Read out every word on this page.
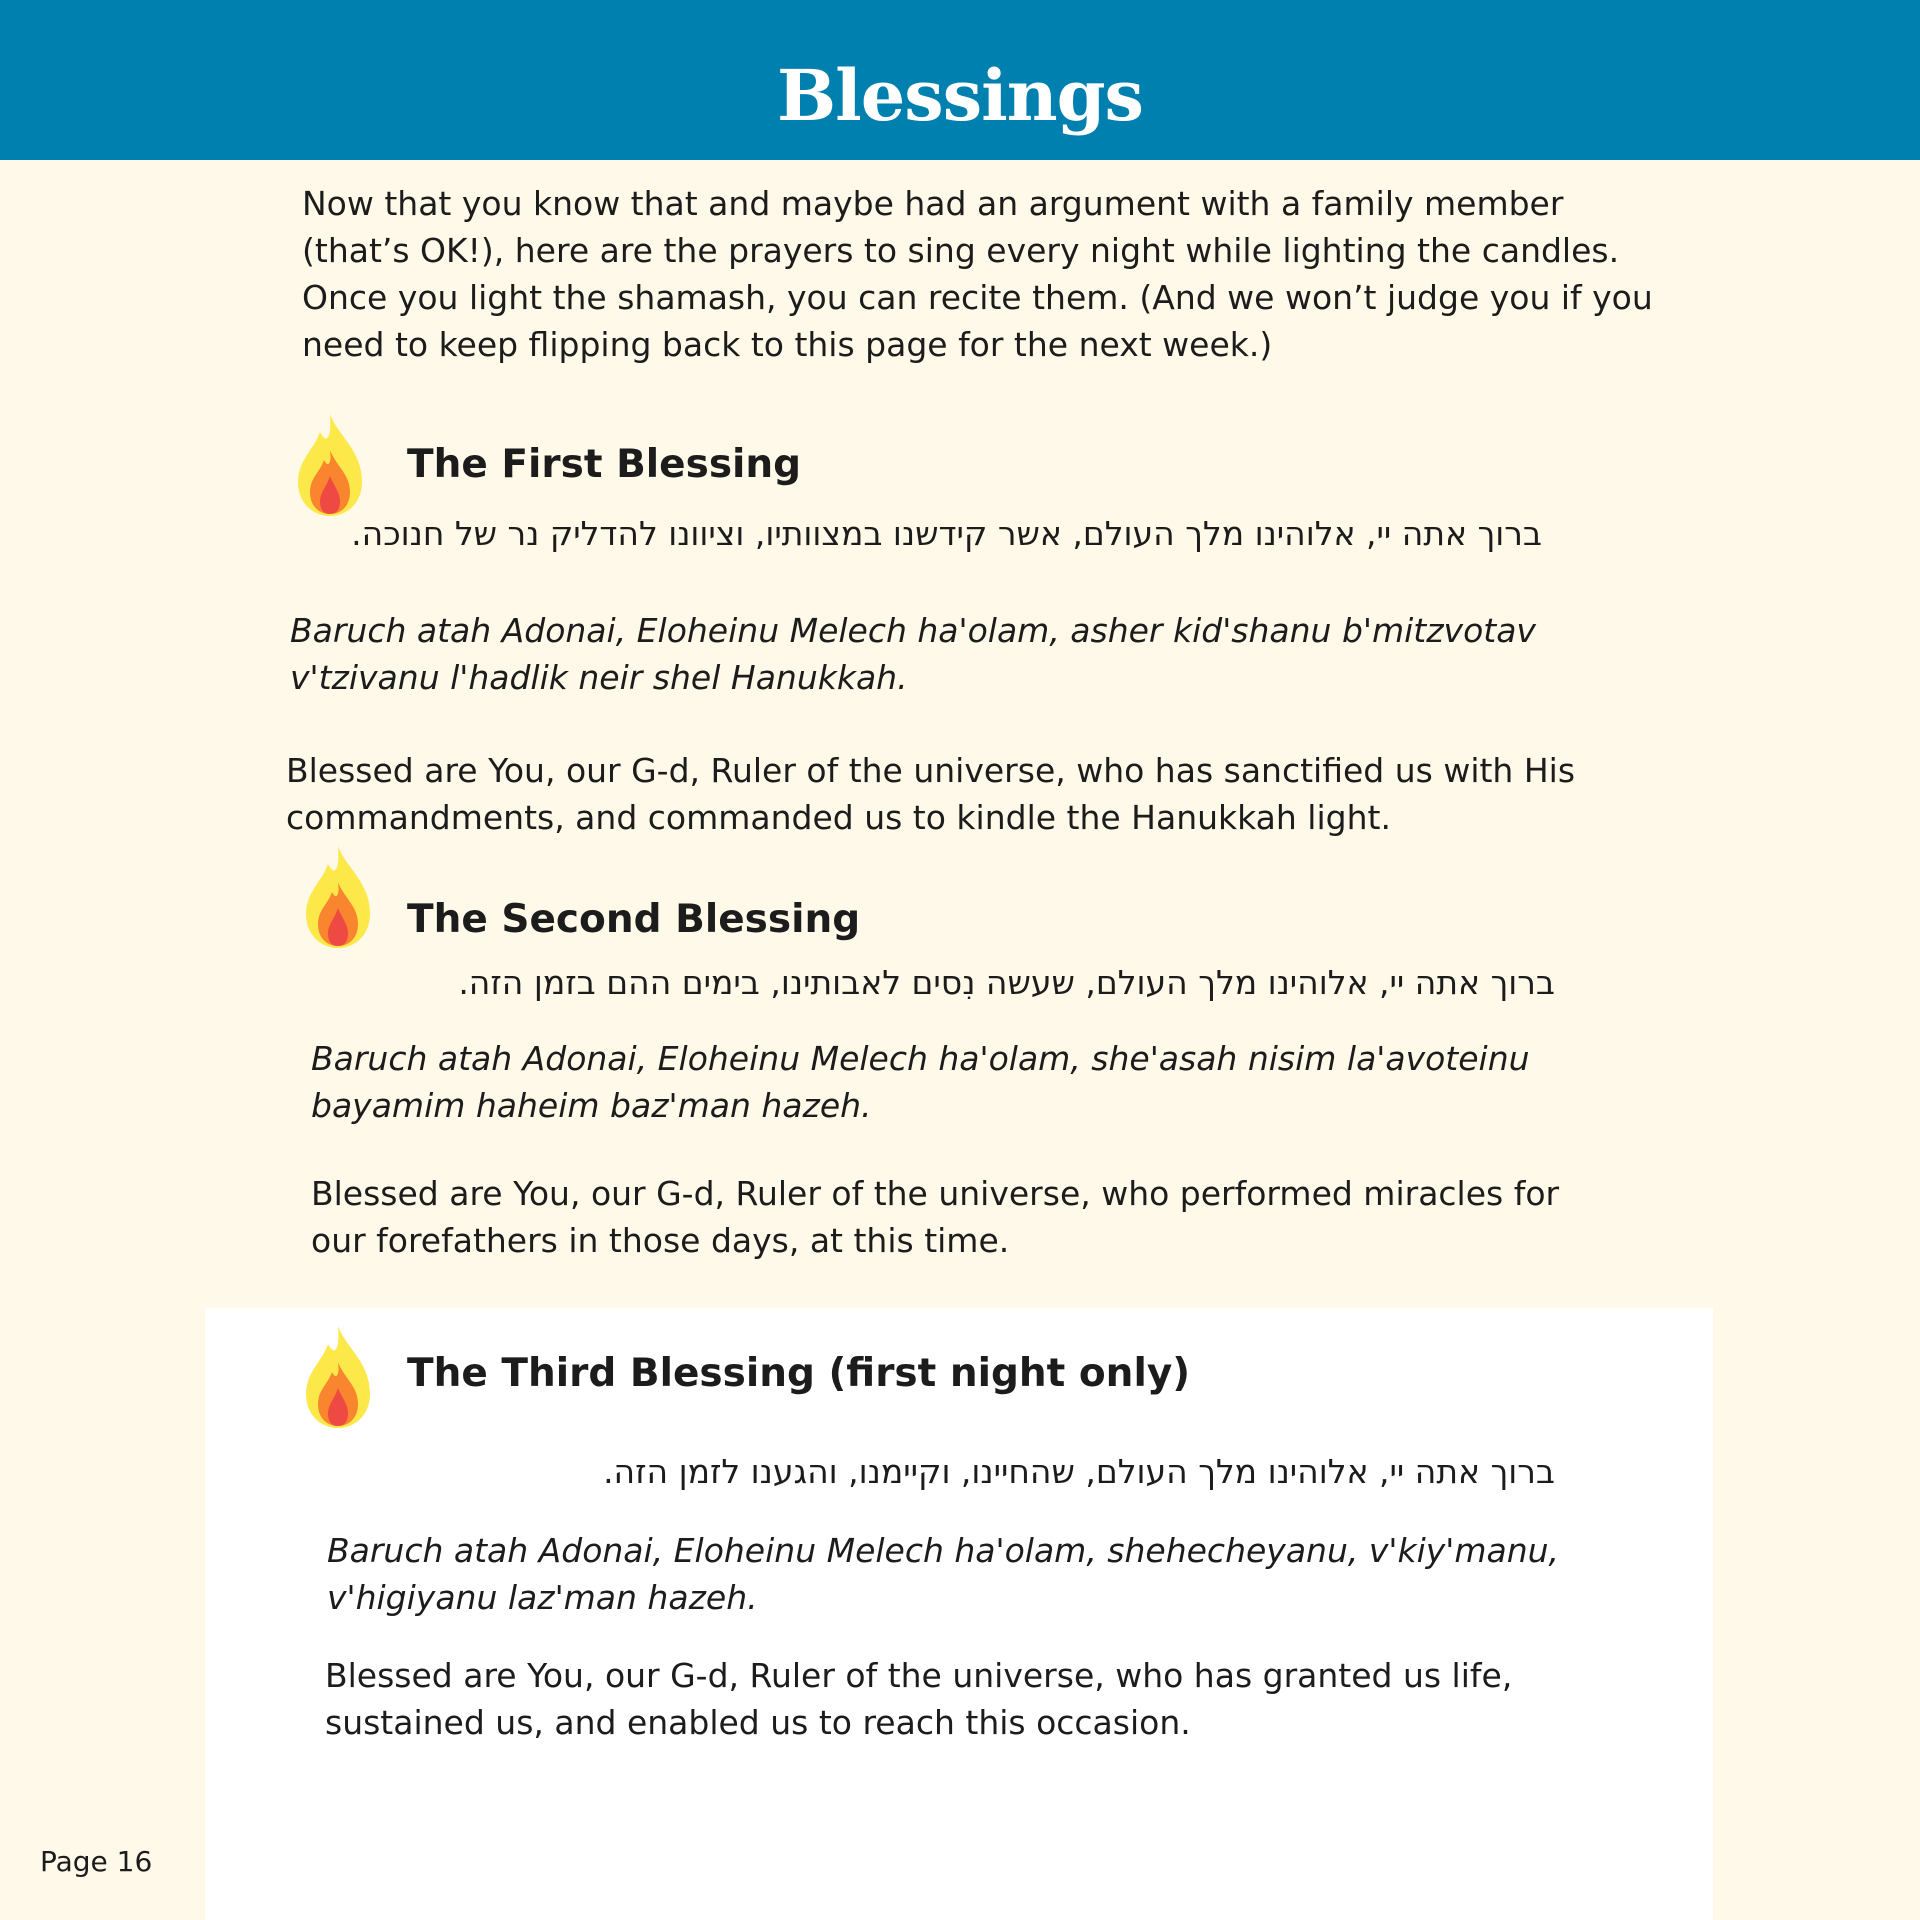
Blessings

Now that you know that and maybe had an argument with a family member (that’s OK!), here are the prayers to sing every night while lighting the candles. Once you light the shamash, you can recite them. (And we won’t judge you if you need to keep flipping back to this page for the next week.)

The First Blessing
ברוך אתה יי, אלוהינו מלך העולם, אשר קידשנו במצוותיו, וציוונו להדליק נר של חנוכה.

Baruch atah Adonai, Eloheinu Melech ha'olam, asher kid'shanu b'mitzvotav v'tzivanu l'hadlik neir shel Hanukkah.

Blessed are You, our G-d, Ruler of the universe, who has sanctified us with His commandments, and commanded us to kindle the Hanukkah light.

The Second Blessing
ברוך אתה יי, אלוהינו מלך העולם, שעשה נִסים לאבותינו, בימים ההם בזמן הזה.

Baruch atah Adonai, Eloheinu Melech ha'olam, she'asah nisim la'avoteinu bayamim haheim baz'man hazeh.

Blessed are You, our G-d, Ruler of the universe, who performed miracles for our forefathers in those days, at this time.

The Third Blessing (first night only)
ברוך אתה יי, אלוהינו מלך העולם, שהחיינו, וקיימנו, והגענו לזמן הזה.

Baruch atah Adonai, Eloheinu Melech ha'olam, shehecheyanu, v'kiy'manu, v'higiyanu laz'man hazeh.

Blessed are You, our G-d, Ruler of the universe, who has granted us life, sustained us, and enabled us to reach this occasion.

Page 16
